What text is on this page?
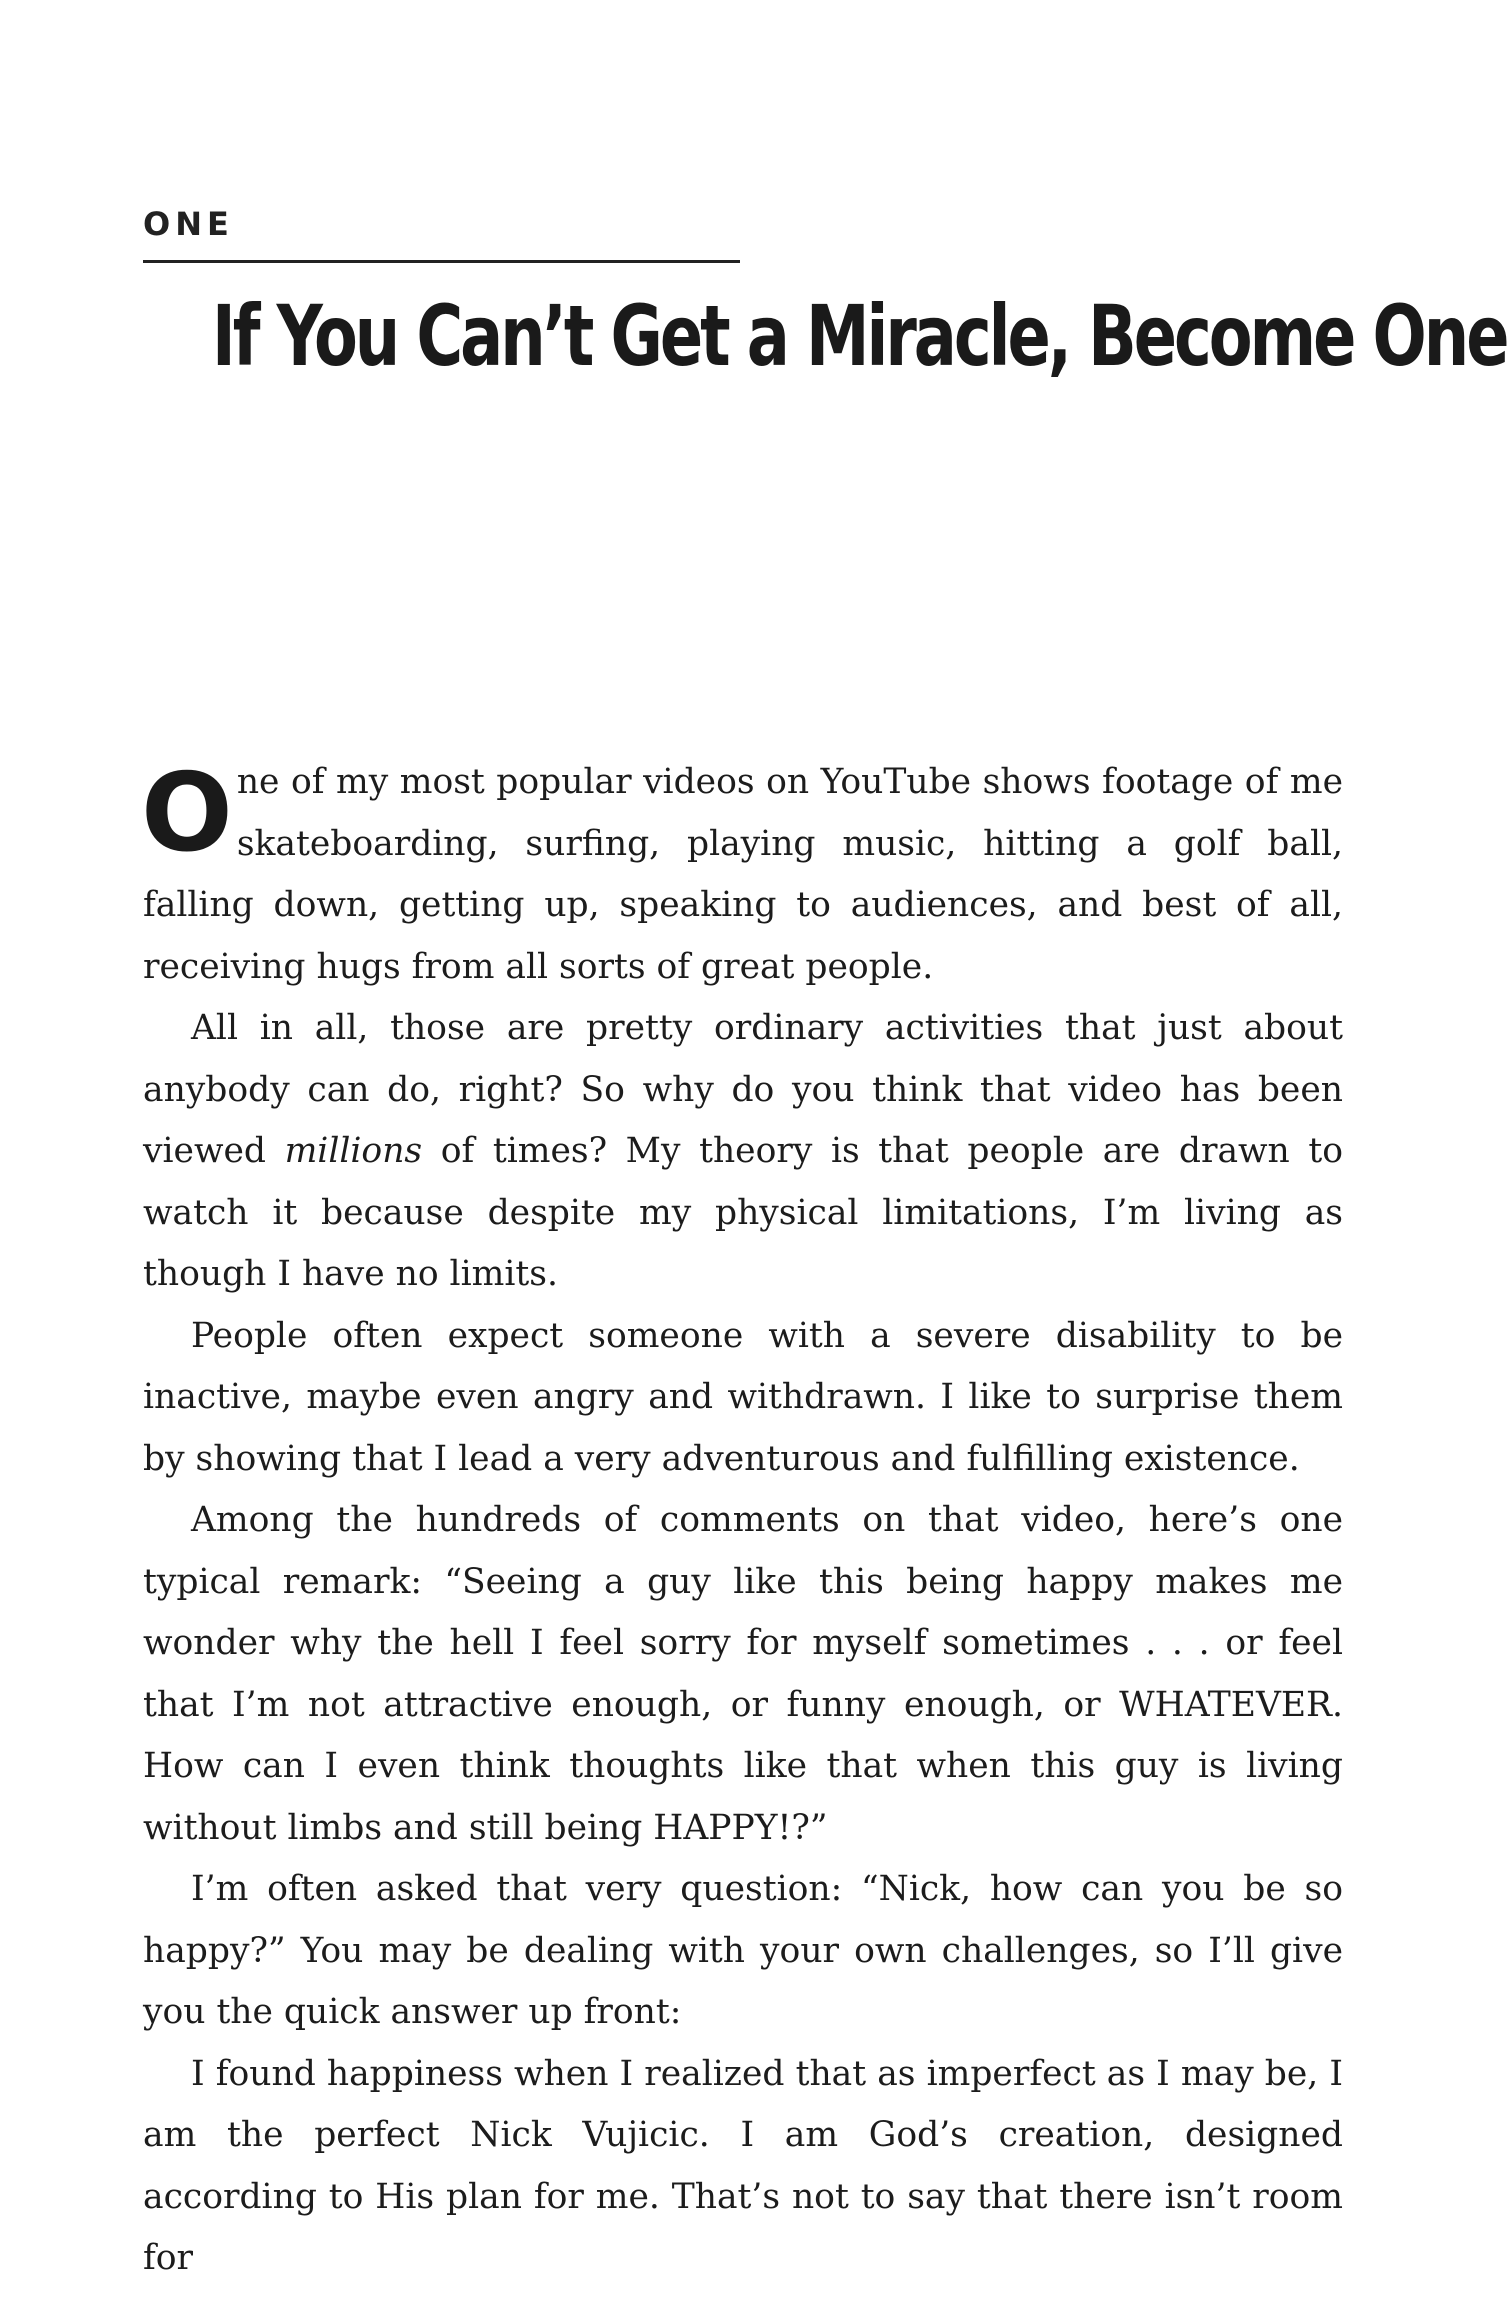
ONE
If You Can’t Get a Miracle, Become One

One of my most popular videos on YouTube shows footage of me skateboarding, surfing, playing music, hitting a golf ball, falling down, getting up, speaking to audiences, and best of all, receiving hugs from all sorts of great people.

All in all, those are pretty ordinary activities that just about anybody can do, right? So why do you think that video has been viewed millions of times? My theory is that people are drawn to watch it because despite my physical limitations, I’m living as though I have no limits.

People often expect someone with a severe disability to be inactive, maybe even angry and withdrawn. I like to surprise them by showing that I lead a very adventurous and fulfilling existence.

Among the hundreds of comments on that video, here’s one typical remark: “Seeing a guy like this being happy makes me wonder why the hell I feel sorry for myself sometimes . . . or feel that I’m not attractive enough, or funny enough, or WHATEVER. How can I even think thoughts like that when this guy is living without limbs and still being HAPPY!?”

I’m often asked that very question: “Nick, how can you be so happy?” You may be dealing with your own challenges, so I’ll give you the quick answer up front:

I found happiness when I realized that as imperfect as I may be, I am the perfect Nick Vujicic. I am God’s creation, designed according to His plan for me. That’s not to say that there isn’t room for
